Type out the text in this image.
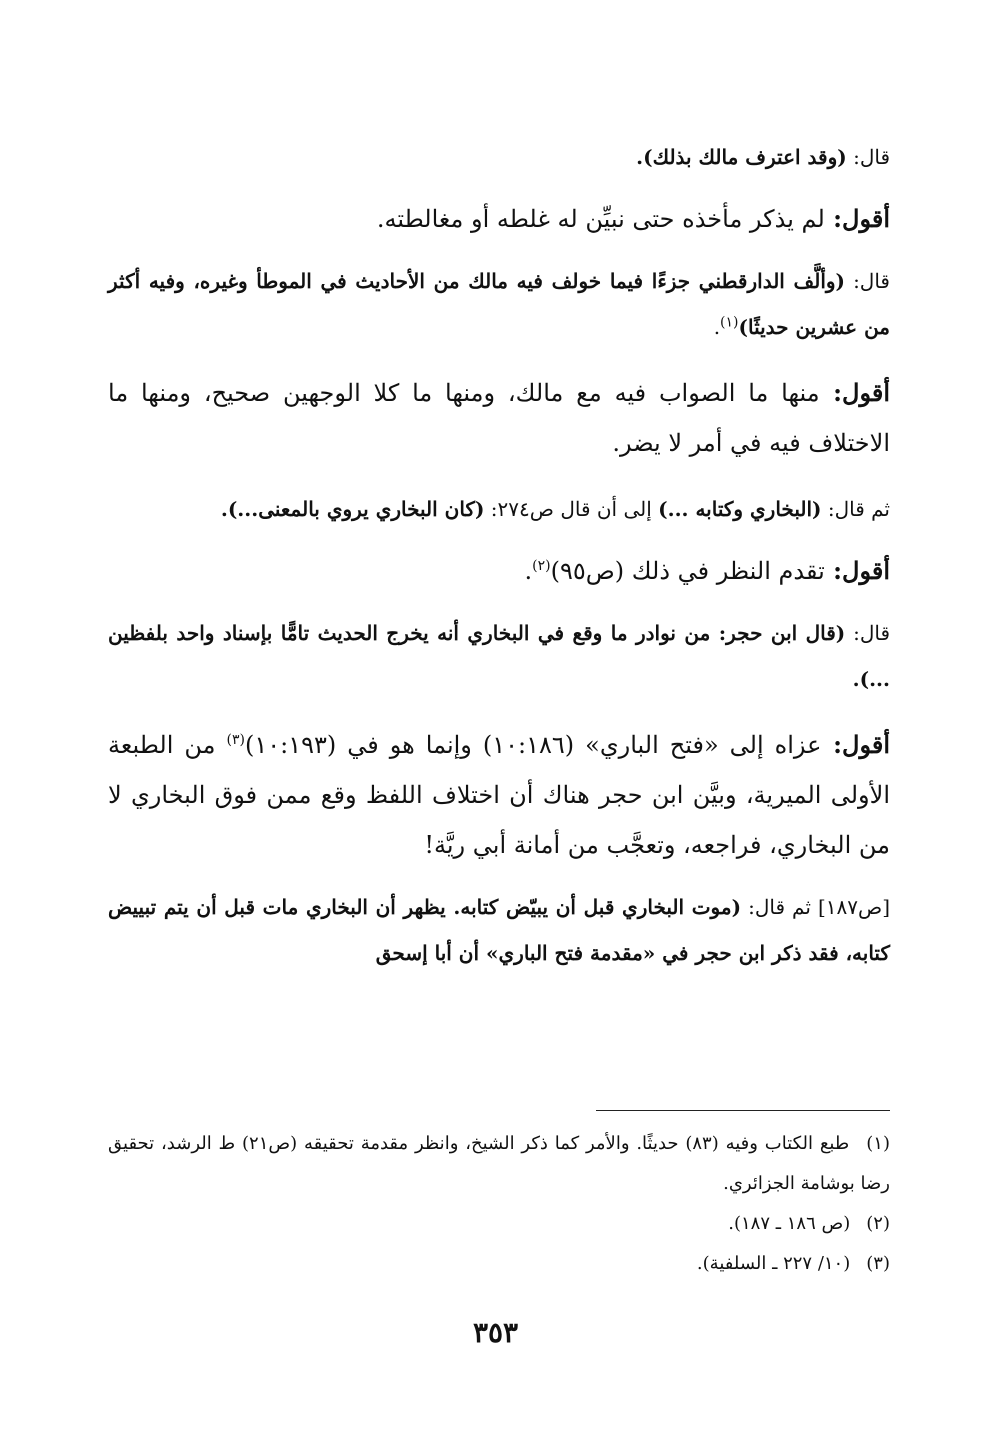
قال: (وقد اعترف مالك بذلك).

أقول: لم يذكر مأخذه حتى نبيِّن له غلطه أو مغالطته.

قال: (وألَّف الدارقطني جزءًا فيما خولف فيه مالك من الأحاديث في الموطأ وغيره، وفيه أكثر من عشرين حديثًا)$^{(١)}$.

أقول: منها ما الصواب فيه مع مالك، ومنها ما كلا الوجهين صحيح، ومنها ما الاختلاف فيه في أمر لا يضر.

ثم قال: (البخاري وكتابه ...) إلى أن قال ص٢٧٤: (كان البخاري يروي بالمعنى...).

أقول: تقدم النظر في ذلك (ص٩٥)$^{(٢)}$.

قال: (قال ابن حجر: من نوادر ما وقع في البخاري أنه يخرج الحديث تامًّا بإسناد واحد بلفظين ...).

أقول: عزاه إلى «فتح الباري» (١٠:١٨٦) وإنما هو في (١٠:١٩٣)$^{(٣)}$ من الطبعة الأولى الميرية، وبيَّن ابن حجر هناك أن اختلاف اللفظ وقع ممن فوق البخاري لا من البخاري، فراجعه، وتعجَّب من أمانة أبي ريَّة!

[ص١٨٧] ثم قال: (موت البخاري قبل أن يبيّض كتابه. يظهر أن البخاري مات قبل أن يتم تبييض كتابه، فقد ذكر ابن حجر في «مقدمة فتح الباري» أن أبا إسحق

(١) طبع الكتاب وفيه (٨٣) حديثًا. والأمر كما ذكر الشيخ، وانظر مقدمة تحقيقه (ص٢١) ط الرشد، تحقيق رضا بوشامة الجزائري.

(٢) (ص ١٨٦ ـ ١٨٧).

(٣) (١٠/ ٢٢٧ ـ السلفية).

٣٥٣
